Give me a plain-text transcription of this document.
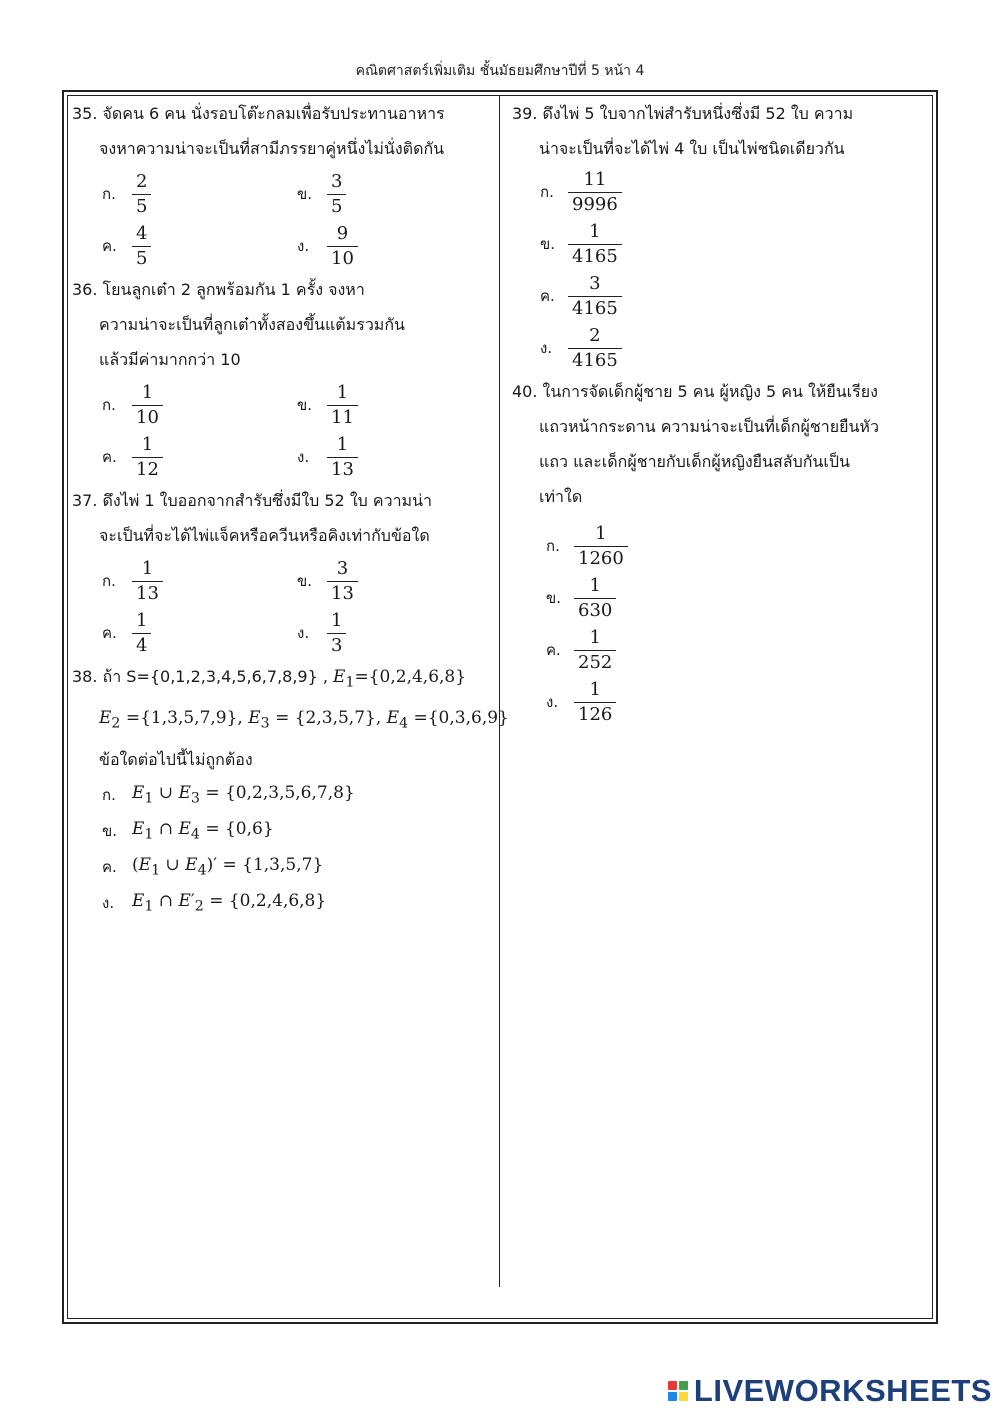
คณิตศาสตร์เพิ่มเติม ชั้นมัธยมศึกษาปีที่ 5 หน้า 4
35. จัดคน 6 คน นั่งรอบโต๊ะกลมเพื่อรับประทานอาหาร
จงหาความน่าจะเป็นที่สามีภรรยาคู่หนึ่งไม่นั่งติดกัน
ก. $\frac{2}{5}$	ข. $\frac{3}{5}$
ค. $\frac{4}{5}$	ง. $\frac{9}{10}$
36. โยนลูกเต๋า 2 ลูกพร้อมกัน 1 ครั้ง จงหา
ความน่าจะเป็นที่ลูกเต๋าทั้งสองขึ้นแต้มรวมกัน
แล้วมีค่ามากกว่า 10
ก. $\frac{1}{10}$	ข. $\frac{1}{11}$
ค. $\frac{1}{12}$	ง. $\frac{1}{13}$
37. ดึงไพ่ 1 ใบออกจากสำรับซึ่งมีใบ 52 ใบ ความน่า
จะเป็นที่จะได้ไพ่แจ็คหรือควีนหรือคิงเท่ากับข้อใด
ก. $\frac{1}{13}$	ข. $\frac{3}{13}$
ค. $\frac{1}{4}$	ง. $\frac{1}{3}$
38. ถ้า S={0,1,2,3,4,5,6,7,8,9} , $E_1=\{0,2,4,6,8\}$
$E_2 =\{1,3,5,7,9\}$, $E_3 = \{2,3,5,7\}$, $E_4 =\{0,3,6,9\}$
ข้อใดต่อไปนี้ไม่ถูกต้อง
ก. $E_1$ ∪ $E_3 = \{0,2,3,5,6,7,8\}$
ข. $E_1$ ∩ $E_4 = \{0,6\}$
ค. ($E_1$ ∪ $E_4)' = \{1,3,5,7\}$
ง.	$E_1$ ∩ $E'_2 = \{0,2,4,6,8\}$
39. ดึงไพ่ 5 ใบจากไพ่สำรับหนึ่งซึ่งมี 52 ใบ ความ
น่าจะเป็นที่จะได้ไพ่ 4 ใบ เป็นไพ่ชนิดเดียวกัน
ก. $\frac{11}{9996}$
ข. $\frac{1}{4165}$
ค. $\frac{3}{4165}$
ง. $\frac{2}{4165}$
40. ในการจัดเด็กผู้ชาย 5 คน ผู้หญิง 5 คน ให้ยืนเรียง
แถวหน้ากระดาน ความน่าจะเป็นที่เด็กผู้ชายยืนหัว
แถว และเด็กผู้ชายกับเด็กผู้หญิงยืนสลับกันเป็น
เท่าใด
ก. $\frac{1}{1260}$
ข. $\frac{1}{630}$
ค. $\frac{1}{252}$
ง. $\frac{1}{126}$
LIVEWORKSHEETS
